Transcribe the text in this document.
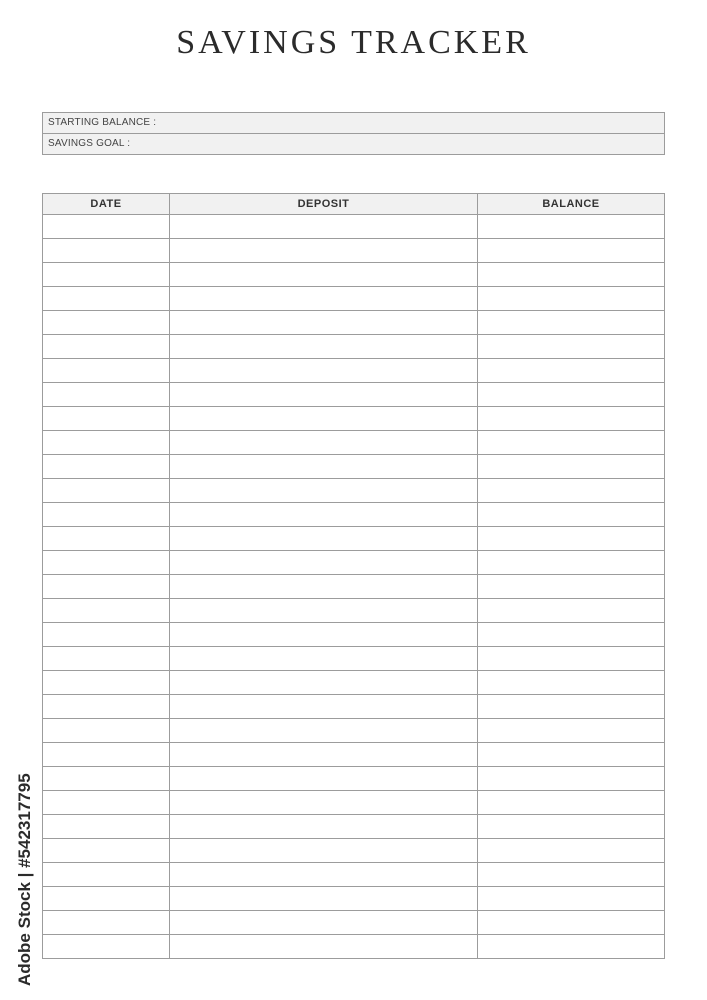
SAVINGS TRACKER
STARTING BALANCE :
SAVINGS GOAL :
DATE	DEPOSIT	BALANCE

Adobe Stock | #542317795
